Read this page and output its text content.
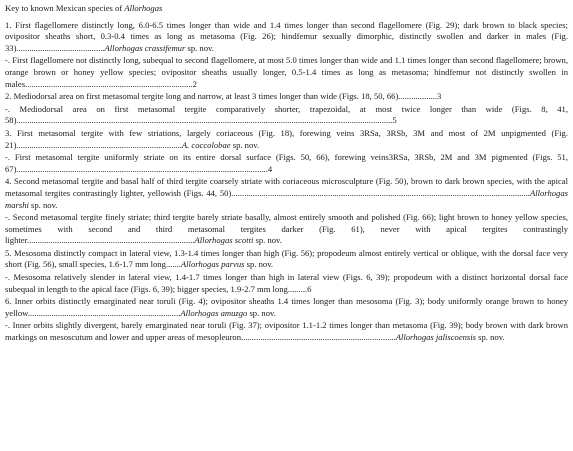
Key to known Mexican species of Allorhogas

1. First flagellomere distinctly long, 6.0-6.5 times longer than wide and 1.4 times longer than second flagellomere (Fig. 29); dark brown to black species; ovipositor sheaths short, 0.3-0.4 times as long as metasoma (Fig. 26); hindfemur sexually dimorphic, distinctly swollen and darker in males (Fig. 33).........................................Allorhogas crassifemur sp. nov.

-. First flagellomere not distinctly long, subequal to second flagellomere, at most 5.0 times longer than wide and 1.1 times longer than second flagellomere; brown, orange brown or honey yellow species; ovipositor sheaths usually longer, 0.5-1.4 times as long as metasoma; hindfemur not distinctly swollen in males..............................................................................2

2. Mediodorsal area on first metasomal tergite long and narrow, at least 3 times longer than wide (Figs. 18, 50, 66)..................3

-. Mediodorsal area on first metasomal tergite comparatively shorter, trapezoidal, at most twice longer than wide (Figs. 8, 41, 58)...............................................................................................................................................................................5

3. First metasomal tergite with few striations, largely coriaceous (Fig. 18), forewing veins 3RSa, 3RSb, 3M and most of 2M unpigmented (Fig. 21).............................................................................A. coccolobae sp. nov.

-. First metasomal tergite uniformly striate on its entire dorsal surface (Figs. 50, 66), forewing veins3RSa, 3RSb, 2M and 3M pigmented (Figs. 51, 67).....................................................................................................................4

4. Second metasomal tergite and basal half of third tergite coarsely striate with coriaceous microsculpture (Fig. 50), brown to dark brown species, with the apical metasomal tergites contrastingly lighter, yellowish (Figs. 44, 50)...........................................................................................................................................Allorhogas marshi sp. nov.

-. Second metasomal tergite finely striate; third tergite barely striate basally, almost entirely smooth and polished (Fig. 66); light brown to honey yellow species, sometimes with second and third metasomal tergites darker (Fig. 61), never with apical tergites contrastingly lighter..............................................................................Allorhogas scotti sp. nov.

5. Mesosoma distinctly compact in lateral view, 1.3-1.4 times longer than high (Fig. 56); propodeum almost entirely vertical or oblique, with the dorsal face very short (Fig. 56), small species, 1.6-1.7 mm long.......Allorhogas parvus sp. nov.

-. Mesosoma relatively slender in lateral view, 1.4-1.7 times longer than high in lateral view (Figs. 6, 39); propodeum with a distinct horizontal dorsal face subequal in length to the apical face (Figs. 6, 39); bigger species, 1.9-2.7 mm long.........6

6. Inner orbits distinctly emarginated near toruli (Fig. 4); ovipositor sheaths 1.4 times longer than mesosoma (Fig. 3); body uniformly orange brown to honey yellow.......................................................................Allorhogas amuzgo sp. nov.

-. Inner orbits slightly divergent, barely emarginated near toruli (Fig. 37); ovipositor 1.1-1.2 times longer than metasoma (Fig. 39); body brown with dark brown markings on mesoscutum and lower and upper areas of mesopleuron........................................................................Allorhogas jaliscoensis sp. nov.
